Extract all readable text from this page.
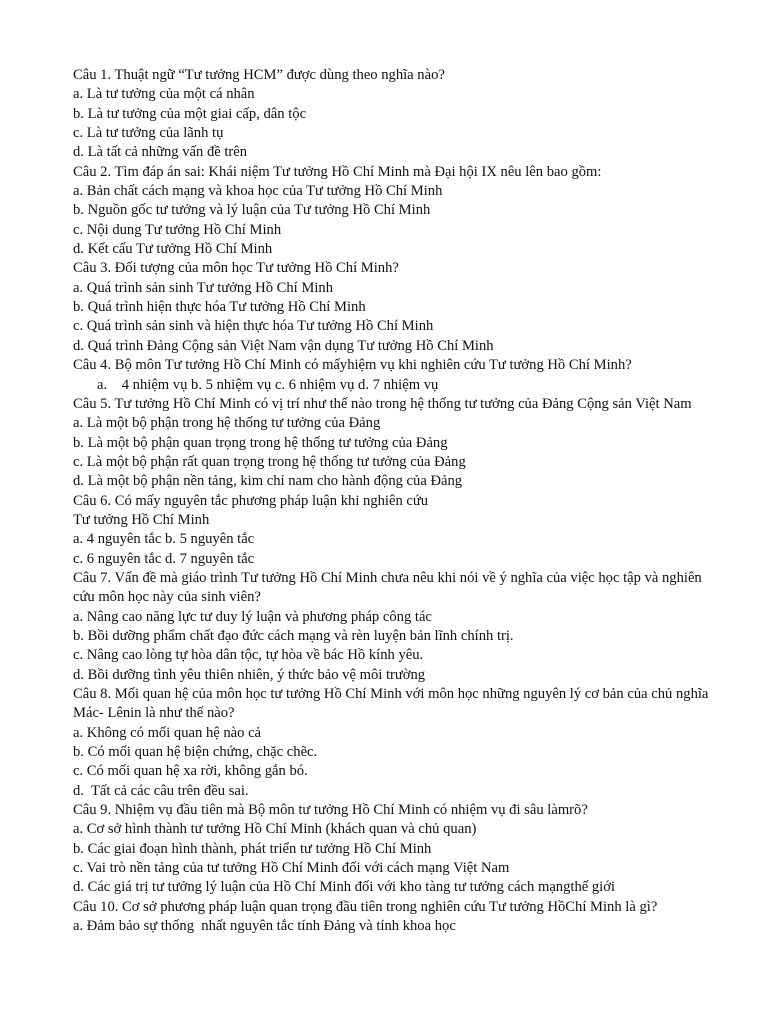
Câu 1. Thuật ngữ “Tư tưởng HCM” được dùng theo nghĩa nào?
a. Là tư tưởng của một cá nhân
b. Là tư tưởng của một giai cấp, dân tộc
c. Là tư tưởng của lãnh tụ
d. Là tất cả những vấn đề trên
Câu 2. Tìm đáp án sai: Khái niệm Tư tưởng Hồ Chí Minh mà Đại hội IX nêu lên bao gồm:
a. Bản chất cách mạng và khoa học của Tư tưởng Hồ Chí Minh
b. Nguồn gốc tư tưởng và lý luận của Tư tưởng Hồ Chí Minh
c. Nội dung Tư tưởng Hồ Chí Minh
d. Kết cấu Tư tưởng Hồ Chí Minh
Câu 3. Đối tượng của môn học Tư tưởng Hồ Chí Minh?
a. Quá trình sản sinh Tư tưởng Hồ Chí Minh
b. Quá trình hiện thực hóa Tư tưởng Hồ Chí Minh
c. Quá trình sản sinh và hiện thực hóa Tư tưởng Hồ Chí Minh
d. Quá trình Đảng Cộng sản Việt Nam vận dụng Tư tưởng Hồ Chí Minh
Câu 4. Bộ môn Tư tưởng Hồ Chí Minh có mấyhiệm vụ khi nghiên cứu Tư tưởng Hồ Chí Minh?
a.    4 nhiệm vụ b. 5 nhiệm vụ c. 6 nhiệm vụ d. 7 nhiệm vụ
Câu 5. Tư tưởng Hồ Chí Minh có vị trí như thế nào trong hệ thống tư tưởng của Đảng Cộng sản Việt Nam
a. Là một bộ phận trong hệ thống tư tưởng của Đảng
b. Là một bộ phận quan trọng trong hệ thống tư tưởng của Đảng
c. Là một bộ phận rất quan trọng trong hệ thống tư tưởng của Đảng
d. Là một bộ phận nền tảng, kim chỉ nam cho hành động của Đảng
Câu 6. Có mấy nguyên tắc phương pháp luận khi nghiên cứu
Tư tưởng Hồ Chí Minh
a. 4 nguyên tắc b. 5 nguyên tắc
c. 6 nguyên tắc d. 7 nguyên tắc
Câu 7. Vấn đề mà giáo trình Tư tưởng Hồ Chí Minh chưa nêu khi nói về ý nghĩa của việc học tập và nghiên cứu môn học này của sinh viên?
a. Nâng cao năng lực tư duy lý luận và phương pháp công tác
b. Bồi dưỡng phẩm chất đạo đức cách mạng và rèn luyện bản lĩnh chính trị.
c. Nâng cao lòng tự hòa dân tộc, tự hòa về bác Hồ kính yêu.
d. Bồi dưỡng tình yêu thiên nhiên, ý thức bảo vệ môi trường
Câu 8. Mối quan hệ của môn học tư tưởng Hồ Chí Minh với môn học những nguyên lý cơ bản của chủ nghĩa Mác- Lênin là như thế nào?
a. Không có mối quan hệ nào cả
b. Có mối quan hệ biện chứng, chặc chẽc.
c. Có mối quan hệ xa rời, không gắn bó.
d.  Tất cả các câu trên đều sai.
Câu 9. Nhiệm vụ đầu tiên mà Bộ môn tư tưởng Hồ Chí Minh có nhiệm vụ đi sâu làmrõ?
a. Cơ sở hình thành tư tưởng Hồ Chí Minh (khách quan và chủ quan)
b. Các giai đoạn hình thành, phát triển tư tưởng Hồ Chí Minh
c. Vai trò nền tảng của tư tưởng Hồ Chí Minh đối với cách mạng Việt Nam
d. Các giá trị tư tưởng lý luận của Hồ Chí Minh đối với kho tàng tư tưởng cách mạngthế giới
Câu 10. Cơ sở phương pháp luận quan trọng đầu tiên trong nghiên cứu Tư tưởng HồChí Minh là gì?
a. Đảm bảo sự thống  nhất nguyên tắc tính Đảng và tính khoa học
